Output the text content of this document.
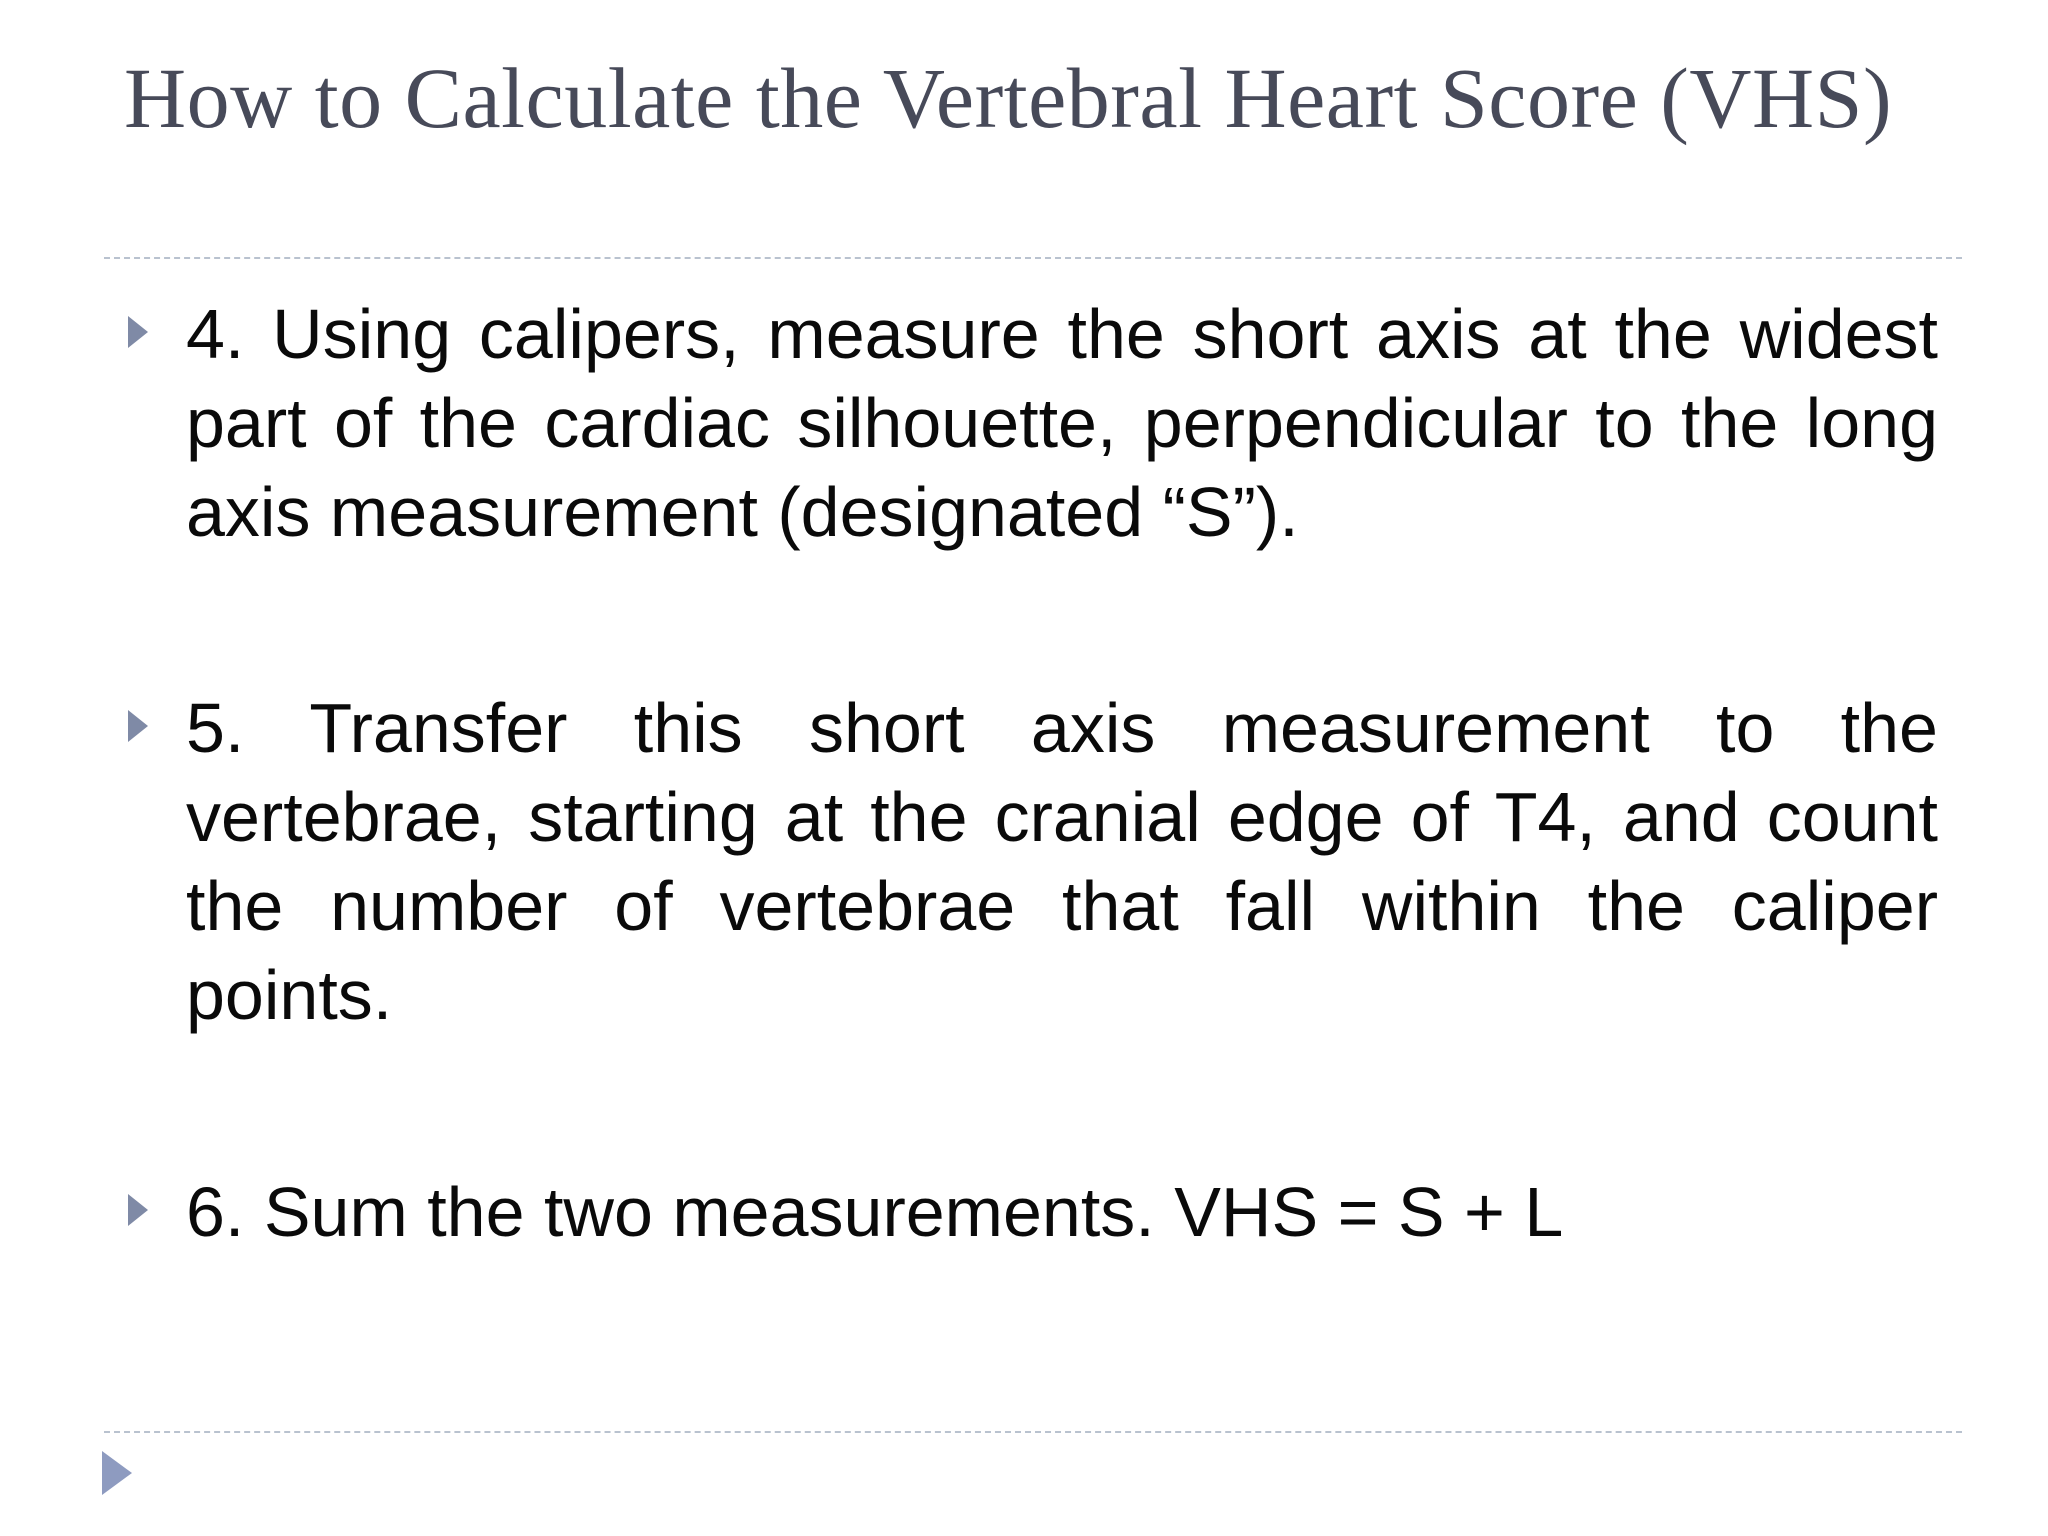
How to Calculate the Vertebral Heart Score (VHS)

4. Using calipers, measure the short axis at the widest part of the cardiac silhouette, perpendicular to the long axis measurement (designated “S”).

5. Transfer this short axis measurement to the vertebrae, starting at the cranial edge of T4, and count the number of vertebrae that fall within the caliper points.

6. Sum the two measurements. VHS = S + L
